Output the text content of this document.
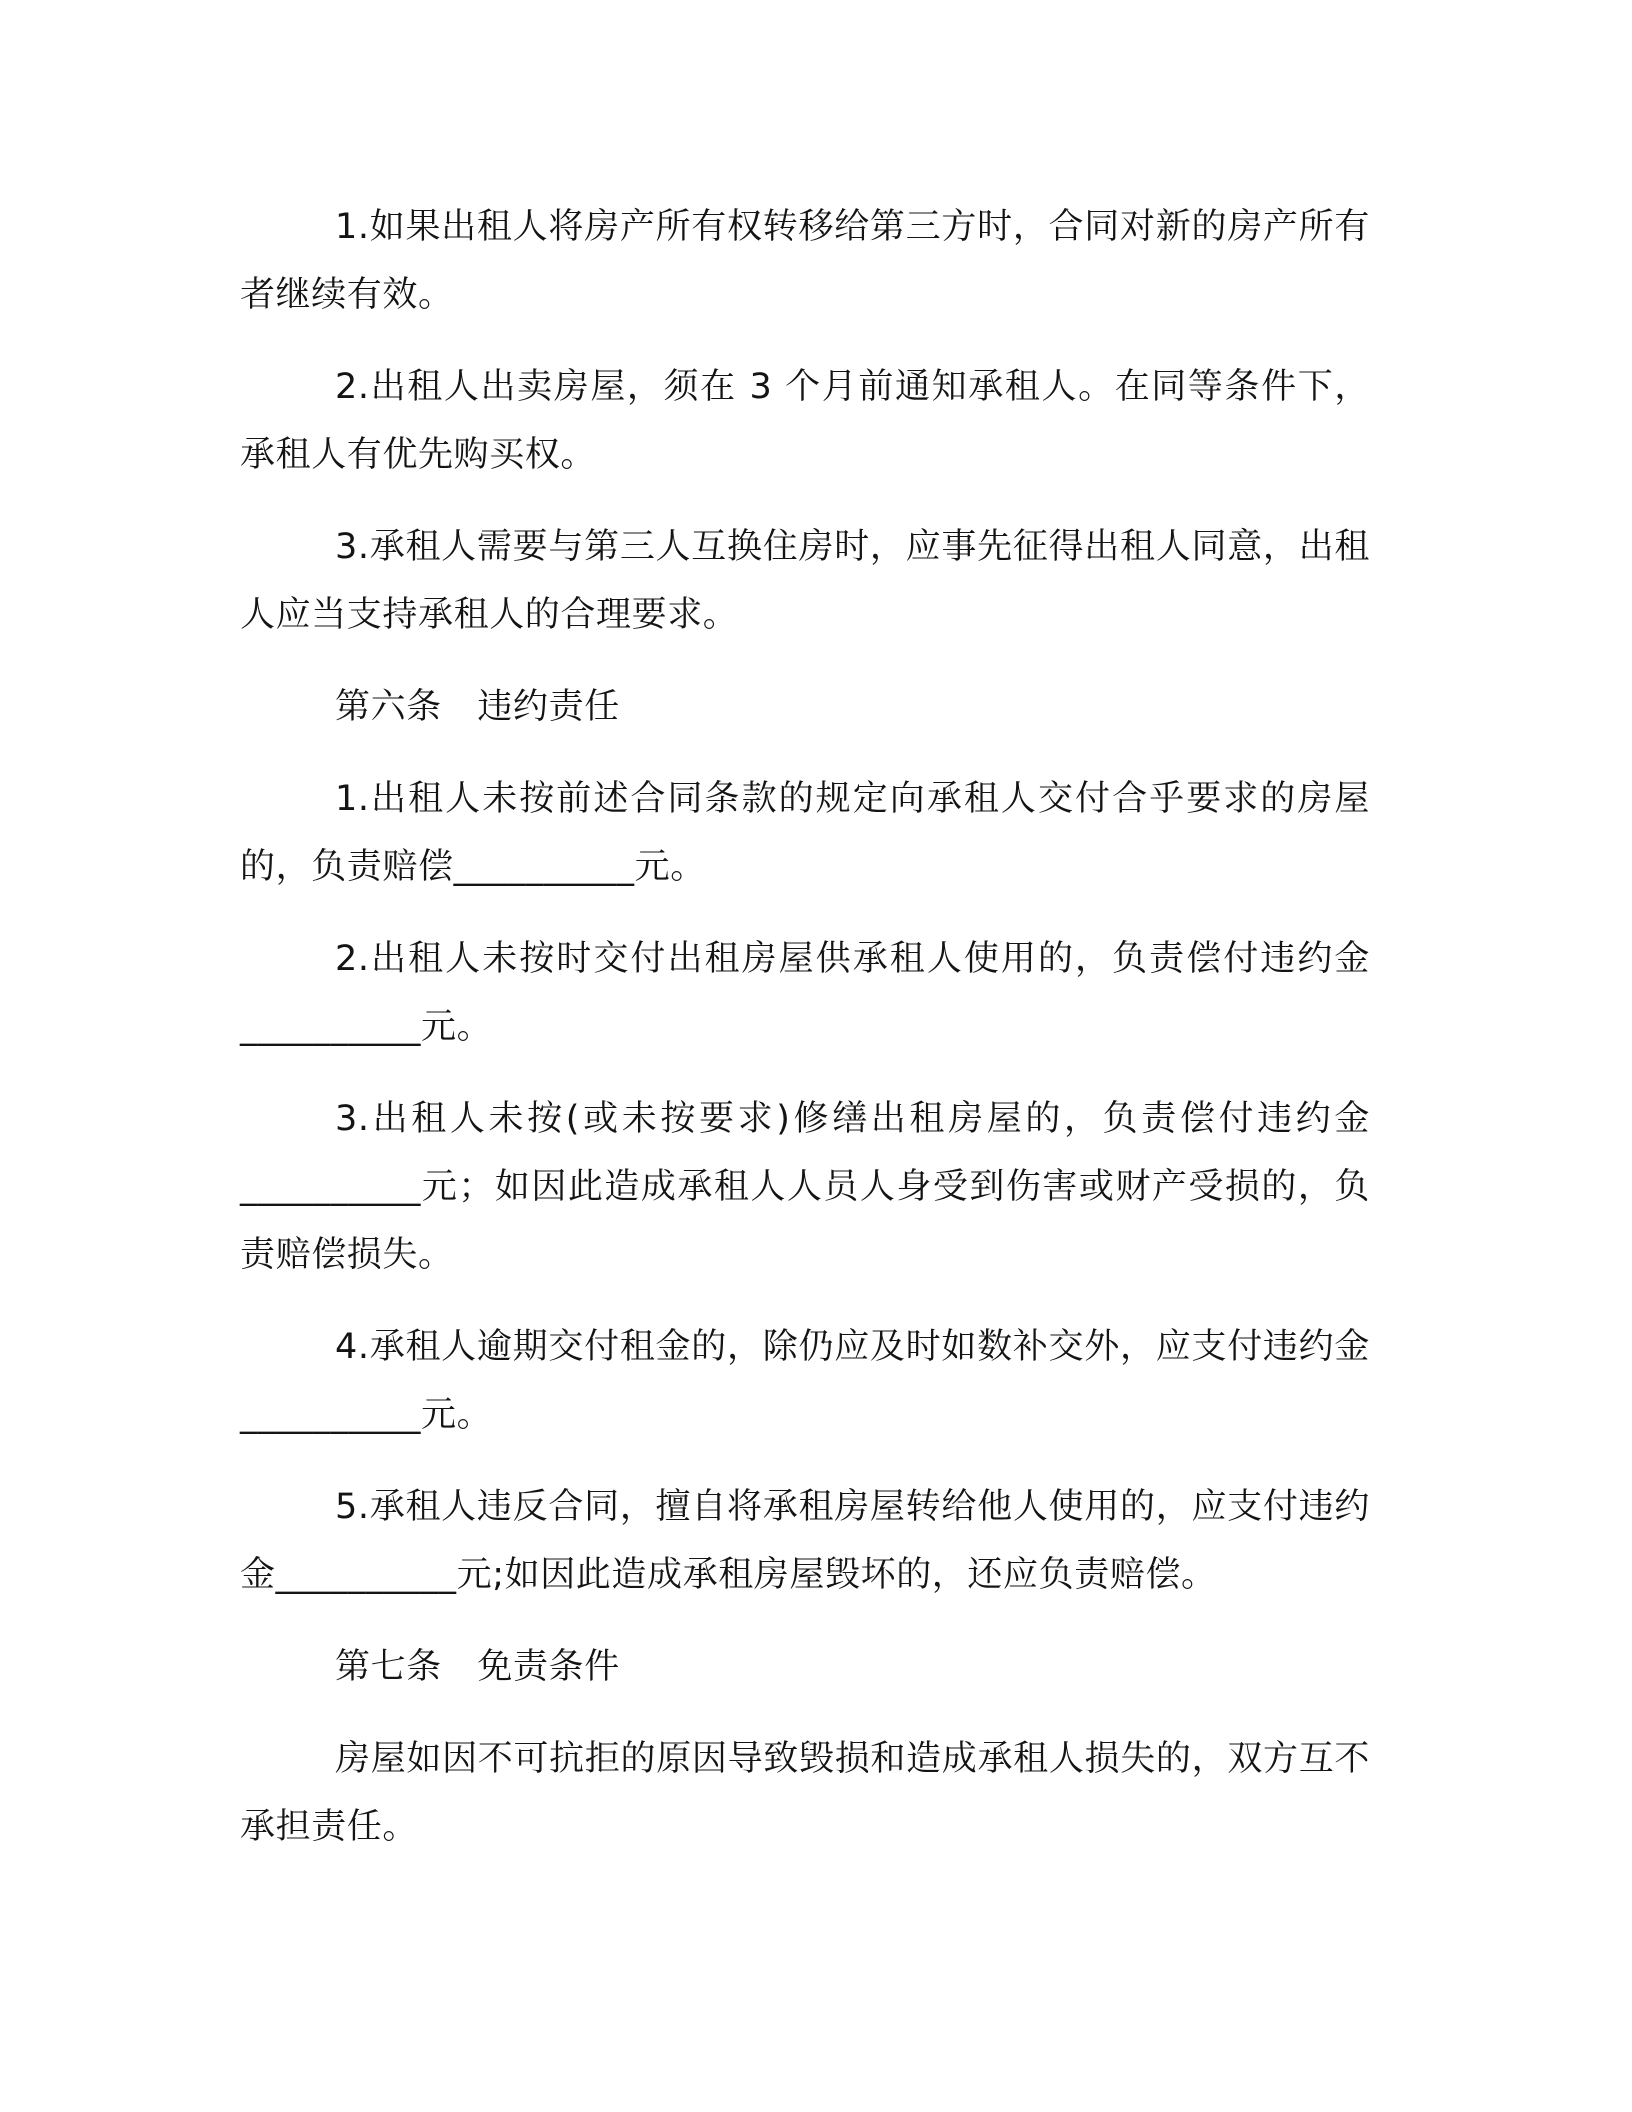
1.如果出租人将房产所有权转移给第三方时，合同对新的房产所有者继续有效。

2.出租人出卖房屋，须在 3 个月前通知承租人。在同等条件下，承租人有优先购买权。

3.承租人需要与第三人互换住房时，应事先征得出租人同意，出租人应当支持承租人的合理要求。

第六条　违约责任

1.出租人未按前述合同条款的规定向承租人交付合乎要求的房屋的，负责赔偿__________元。

2.出租人未按时交付出租房屋供承租人使用的，负责偿付违约金__________元。

3.出租人未按(或未按要求)修缮出租房屋的，负责偿付违约金__________元；如因此造成承租人人员人身受到伤害或财产受损的，负责赔偿损失。

4.承租人逾期交付租金的，除仍应及时如数补交外，应支付违约金__________元。

5.承租人违反合同，擅自将承租房屋转给他人使用的，应支付违约金__________元;如因此造成承租房屋毁坏的，还应负责赔偿。

第七条　免责条件

房屋如因不可抗拒的原因导致毁损和造成承租人损失的，双方互不承担责任。
